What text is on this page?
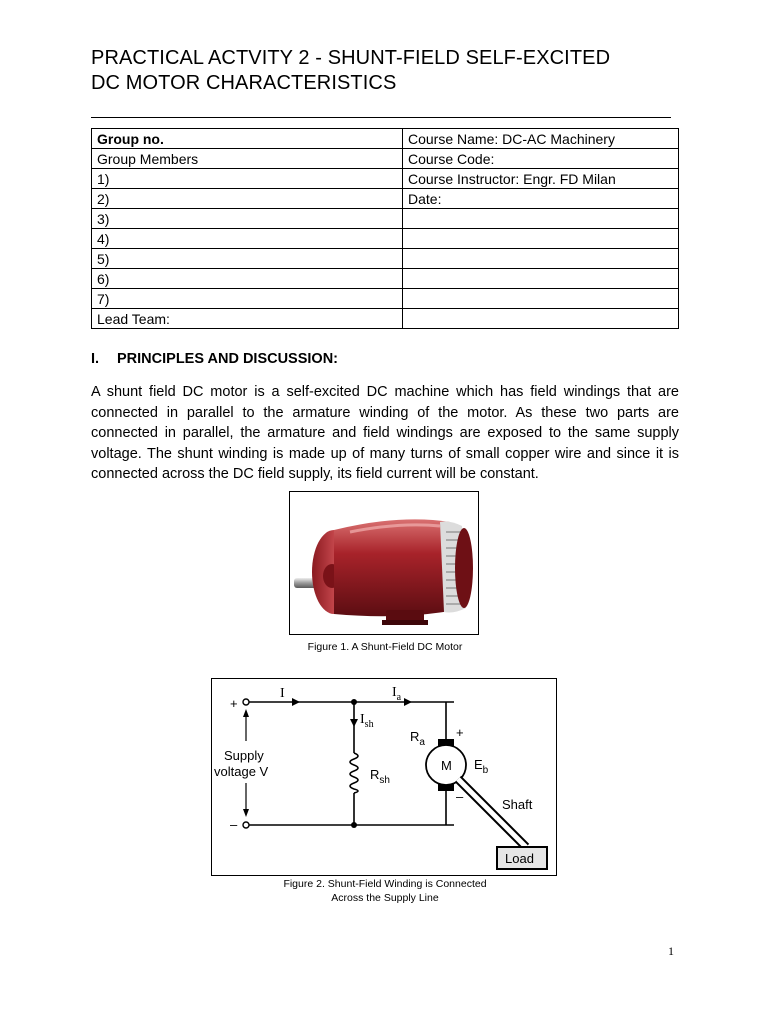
PRACTICAL ACTVITY 2 - SHUNT-FIELD SELF-EXCITED
DC MOTOR CHARACTERISTICS
Group no.	Course Name: DC-AC Machinery
Group Members	Course Code:
1)	Course Instructor: Engr. FD Milan
2)	Date:
3)	
4)	
5)	
6)	
7)	
Lead Team:	
I. PRINCIPLES AND DISCUSSION:
A shunt field DC motor is a self-excited DC machine which has field windings that are connected in parallel to the armature winding of the motor. As these two parts are connected in parallel, the armature and field windings are exposed to the same supply voltage. The shunt winding is made up of many turns of small copper wire and since it is connected across the DC field supply, its field current will be constant.
Figure 1. A Shunt-Field DC Motor
I	$I_a$
$I_{sh}$
+
–
Supply
voltage V
$R_a$
$R_{sh}$
M $E_b$
+
–
Shaft
Load
Figure 2. Shunt-Field Winding is Connected
Across the Supply Line
1
